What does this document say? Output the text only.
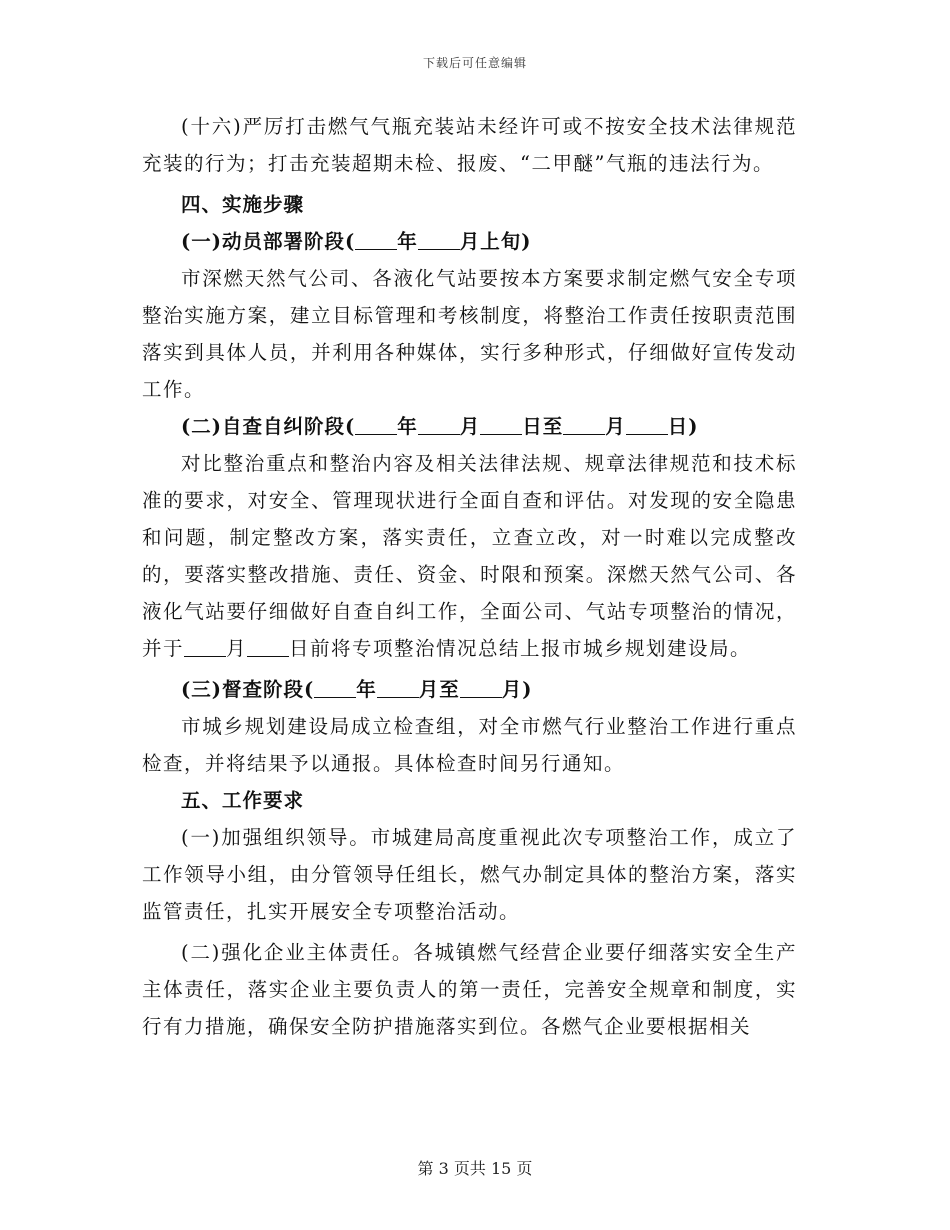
下载后可任意编辑

(十六)严厉打击燃气气瓶充装站未经许可或不按安全技术法律规范充装的行为；打击充装超期未检、报废、“二甲醚”气瓶的违法行为。

四、实施步骤

(一)动员部署阶段( 年 月上旬)

市深燃天然气公司、各液化气站要按本方案要求制定燃气安全专项整治实施方案，建立目标管理和考核制度，将整治工作责任按职责范围落实到具体人员，并利用各种媒体，实行多种形式，仔细做好宣传发动工作。

(二)自查自纠阶段( 年 月 日至 月 日)

对比整治重点和整治内容及相关法律法规、规章法律规范和技术标准的要求，对安全、管理现状进行全面自查和评估。对发现的安全隐患和问题，制定整改方案，落实责任，立查立改，对一时难以完成整改的，要落实整改措施、责任、资金、时限和预案。深燃天然气公司、各液化气站要仔细做好自查自纠工作，全面公司、气站专项整治的情况，并于 月 日前将专项整治情况总结上报市城乡规划建设局。

(三)督查阶段( 年 月至 月)

市城乡规划建设局成立检查组，对全市燃气行业整治工作进行重点检查，并将结果予以通报。具体检查时间另行通知。

五、工作要求

(一)加强组织领导。市城建局高度重视此次专项整治工作，成立了工作领导小组，由分管领导任组长，燃气办制定具体的整治方案，落实监管责任，扎实开展安全专项整治活动。

(二)强化企业主体责任。各城镇燃气经营企业要仔细落实安全生产主体责任，落实企业主要负责人的第一责任，完善安全规章和制度，实行有力措施，确保安全防护措施落实到位。各燃气企业要根据相关

第 3 页共 15 页
